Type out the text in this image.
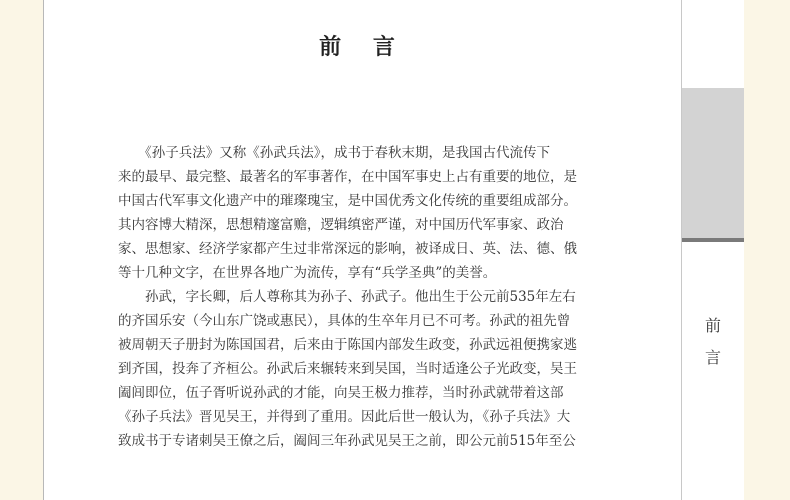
前 言
　　《孙子兵法》又称《孙武兵法》，成书于春秋末期，是我国古代流传下
来的最早、最完整、最著名的军事著作，在中国军事史上占有重要的地位，是
中国古代军事文化遗产中的璀璨瑰宝，是中国优秀文化传统的重要组成部分。
其内容博大精深，思想精邃富赡，逻辑缜密严谨，对中国历代军事家、政治
家、思想家、经济学家都产生过非常深远的影响，被译成日、英、法、德、俄
等十几种文字，在世界各地广为流传，享有“兵学圣典”的美誉。
　　孙武，字长卿，后人尊称其为孙子、孙武子。他出生于公元前535年左右
的齐国乐安（今山东广饶或惠民），具体的生卒年月已不可考。孙武的祖先曾
被周朝天子册封为陈国国君，后来由于陈国内部发生政变，孙武远祖便携家逃
到齐国，投奔了齐桓公。孙武后来辗转来到吴国，当时适逢公子光政变，吴王
阖闾即位，伍子胥听说孙武的才能，向吴王极力推荐，当时孙武就带着这部
《孙子兵法》晋见吴王，并得到了重用。因此后世一般认为，《孙子兵法》大
致成书于专诸刺吴王僚之后，阖闾三年孙武见吴王之前，即公元前515年至公
前
言
